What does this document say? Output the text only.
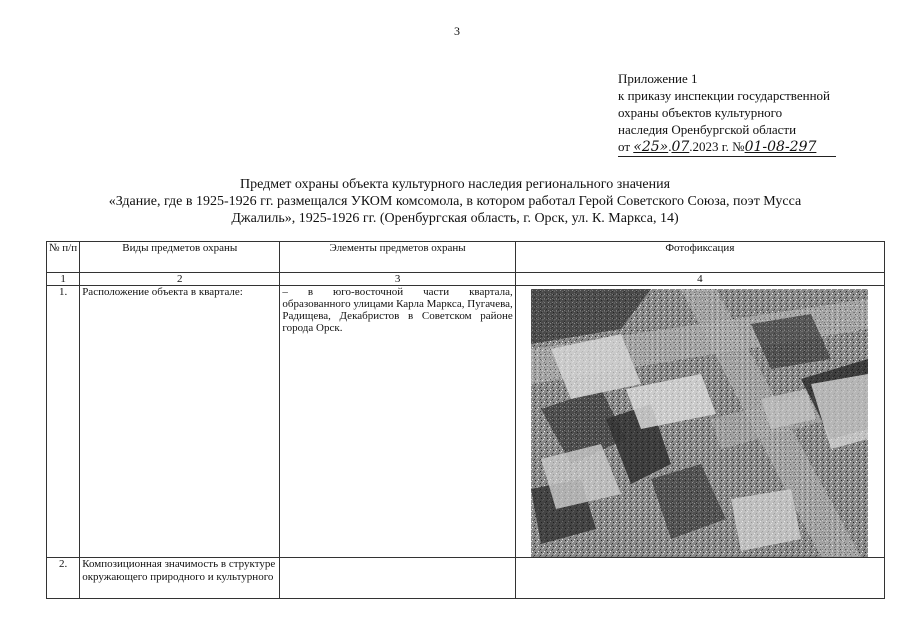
3
Приложение 1
к приказу инспекции государственной
охраны объектов культурного
наследия Оренбургской области
от «25».07.2023 г. №01-08-297
Предмет охраны объекта культурного наследия регионального значения
«Здание, где в 1925-1926 гг. размещался УКОМ комсомола, в котором работал Герой Советского Союза, поэт Мусса
Джалиль», 1925-1926 гг. (Оренбургская область, г. Орск, ул. К. Маркса, 14)
№ п/п	Виды предметов охраны	Элементы предметов охраны	Фотофиксация
1	2	3	4
1.	Расположение объекта в квартале:	– в юго-восточной части квартала, образованного улицами Карла Маркса, Пугачева, Радищева, Декабристов в Советском районе города Орск.	

2.	Композиционная значимость в структуре окружающего природного и культурного		
